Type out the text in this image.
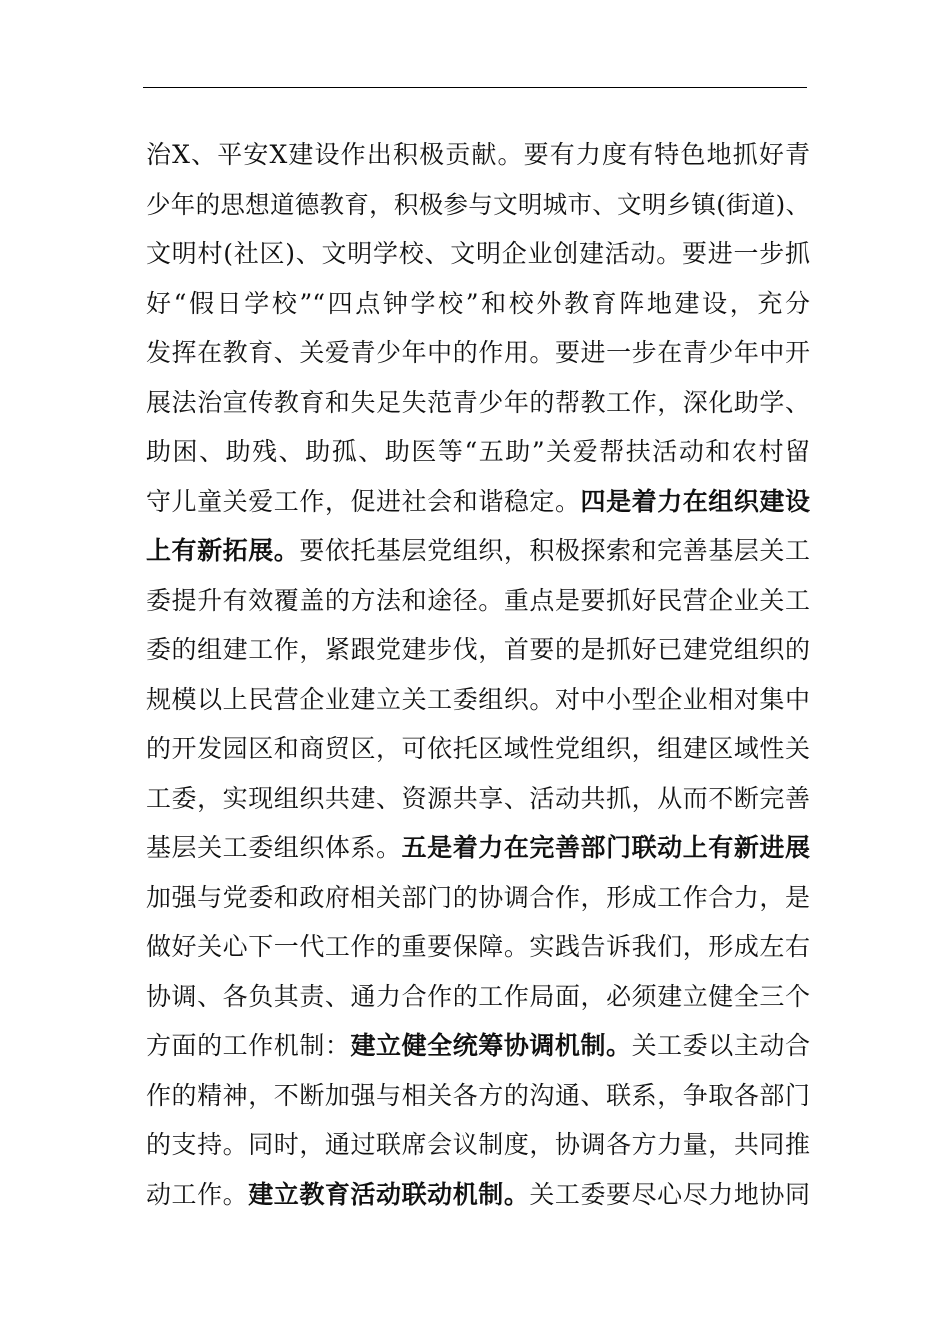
治X、平安X建设作出积极贡献。要有力度有特色地抓好青
少年的思想道德教育，积极参与文明城市、文明乡镇(街道)、
文明村(社区)、文明学校、文明企业创建活动。要进一步抓
好“假日学校”“四点钟学校”和校外教育阵地建设，充分
发挥在教育、关爱青少年中的作用。要进一步在青少年中开
展法治宣传教育和失足失范青少年的帮教工作，深化助学、
助困、助残、助孤、助医等“五助”关爱帮扶活动和农村留
守儿童关爱工作，促进社会和谐稳定。四是着力在组织建设
上有新拓展。要依托基层党组织，积极探索和完善基层关工
委提升有效覆盖的方法和途径。重点是要抓好民营企业关工
委的组建工作，紧跟党建步伐，首要的是抓好已建党组织的
规模以上民营企业建立关工委组织。对中小型企业相对集中
的开发园区和商贸区，可依托区域性党组织，组建区域性关
工委，实现组织共建、资源共享、活动共抓，从而不断完善
基层关工委组织体系。五是着力在完善部门联动上有新进展
加强与党委和政府相关部门的协调合作，形成工作合力，是
做好关心下一代工作的重要保障。实践告诉我们，形成左右
协调、各负其责、通力合作的工作局面，必须建立健全三个
方面的工作机制：建立健全统筹协调机制。关工委以主动合
作的精神，不断加强与相关各方的沟通、联系，争取各部门
的支持。同时，通过联席会议制度，协调各方力量，共同推
动工作。建立教育活动联动机制。关工委要尽心尽力地协同
